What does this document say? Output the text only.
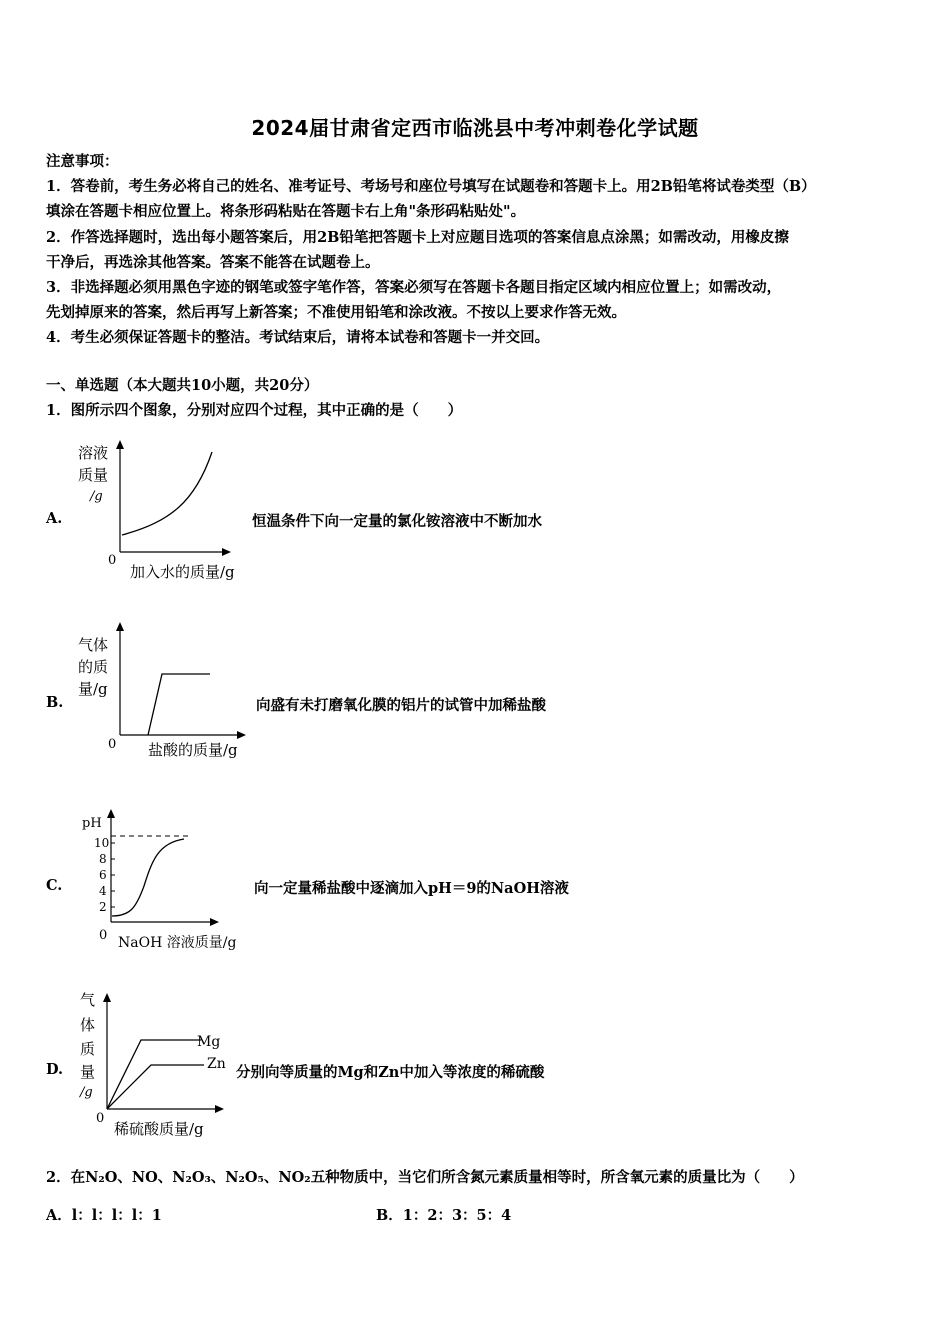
2024届甘肃省定西市临洮县中考冲刺卷化学试题
注意事项：
1．答卷前，考生务必将自己的姓名、准考证号、考场号和座位号填写在试题卷和答题卡上。用2B铅笔将试卷类型（B）
填涂在答题卡相应位置上。将条形码粘贴在答题卡右上角"条形码粘贴处"。
2．作答选择题时，选出每小题答案后，用2B铅笔把答题卡上对应题目选项的答案信息点涂黑；如需改动，用橡皮擦
干净后，再选涂其他答案。答案不能答在试题卷上。
3．非选择题必须用黑色字迹的钢笔或签字笔作答，答案必须写在答题卡各题目指定区域内相应位置上；如需改动，
先划掉原来的答案，然后再写上新答案；不准使用铅笔和涂改液。不按以上要求作答无效。
4．考生必须保证答题卡的整洁。考试结束后，请将本试卷和答题卡一并交回。
一、单选题（本大题共10小题，共20分）
1．图所示四个图象，分别对应四个过程，其中正确的是（　　）
A.
溶液
质量
/g
0
加入水的质量/g
恒温条件下向一定量的氯化铵溶液中不断加水
B.
气体
的质
量/g
0 盐酸的质量/g
向盛有未打磨氧化膜的铝片的试管中加稀盐酸
C.
pH
10
8
6
4
2
0 NaOH 溶液质量/g
向一定量稀盐酸中逐滴加入pH＝9的NaOH溶液
D.
气
体
质
量
/g
Mg
Zn
0
稀硫酸质量/g
分别向等质量的Mg和Zn中加入等浓度的稀硫酸
2．在N₂O、NO、N₂O₃、N₂O₅、NO₂五种物质中，当它们所含氮元素质量相等时，所含氧元素的质量比为（　　）
A．l：l：l：l：1	B．1：2：3：5：4
